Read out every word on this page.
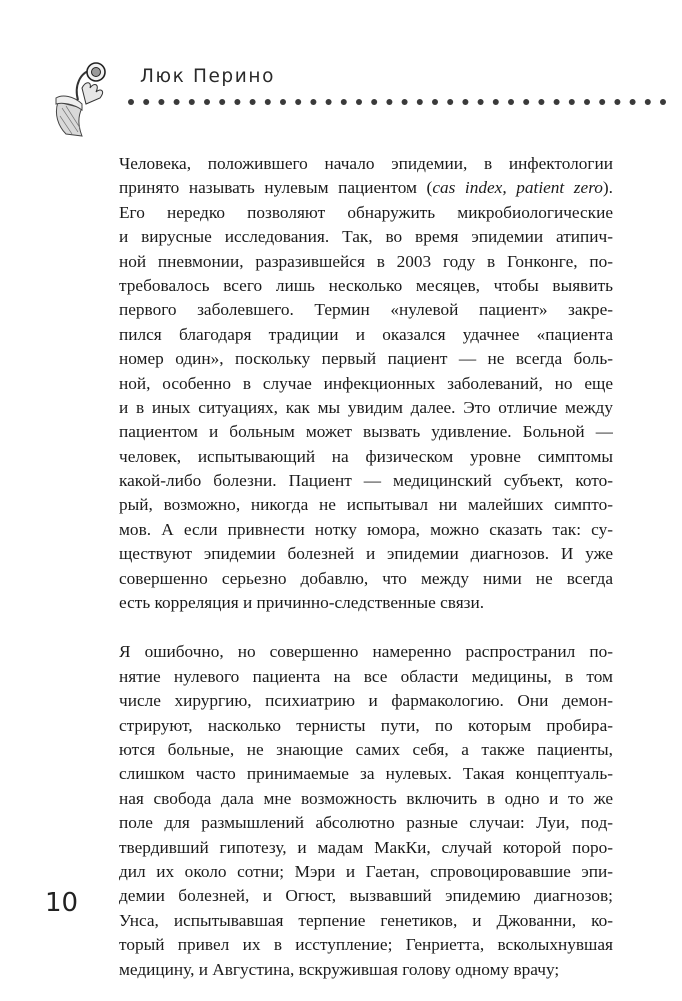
Люк Перино
Человека, положившего начало эпидемии, в инфектологии
принято называть нулевым пациентом (cas index, patient zero).
Его нередко позволяют обнаружить микробиологические
и вирусные исследования. Так, во время эпидемии атипич-
ной пневмонии, разразившейся в 2003 году в Гонконге, по-
требовалось всего лишь несколько месяцев, чтобы выявить
первого заболевшего. Термин «нулевой пациент» закре-
пился благодаря традиции и оказался удачнее «пациента
номер один», поскольку первый пациент — не всегда боль-
ной, особенно в случае инфекционных заболеваний, но еще
и в иных ситуациях, как мы увидим далее. Это отличие между
пациентом и больным может вызвать удивление. Больной —
человек, испытывающий на физическом уровне симптомы
какой-либо болезни. Пациент — медицинский субъект, кото-
рый, возможно, никогда не испытывал ни малейших симпто-
мов. А если привнести нотку юмора, можно сказать так: су-
ществуют эпидемии болезней и эпидемии диагнозов. И уже
совершенно серьезно добавлю, что между ними не всегда
есть корреляция и причинно-следственные связи.
Я ошибочно, но совершенно намеренно распространил по-
нятие нулевого пациента на все области медицины, в том
числе хирургию, психиатрию и фармакологию. Они демон-
стрируют, насколько тернисты пути, по которым пробира-
ются больные, не знающие самих себя, а также пациенты,
слишком часто принимаемые за нулевых. Такая концептуаль-
ная свобода дала мне возможность включить в одно и то же
поле для размышлений абсолютно разные случаи: Луи, под-
твердивший гипотезу, и мадам МакКи, случай которой поро-
дил их около сотни; Мэри и Гаетан, спровоцировавшие эпи-
демии болезней, и Огюст, вызвавший эпидемию диагнозов;
Унса, испытывавшая терпение генетиков, и Джованни, ко-
торый привел их в исступление; Генриетта, всколыхнувшая
медицину, и Августина, вскружившая голову одному врачу;
10
